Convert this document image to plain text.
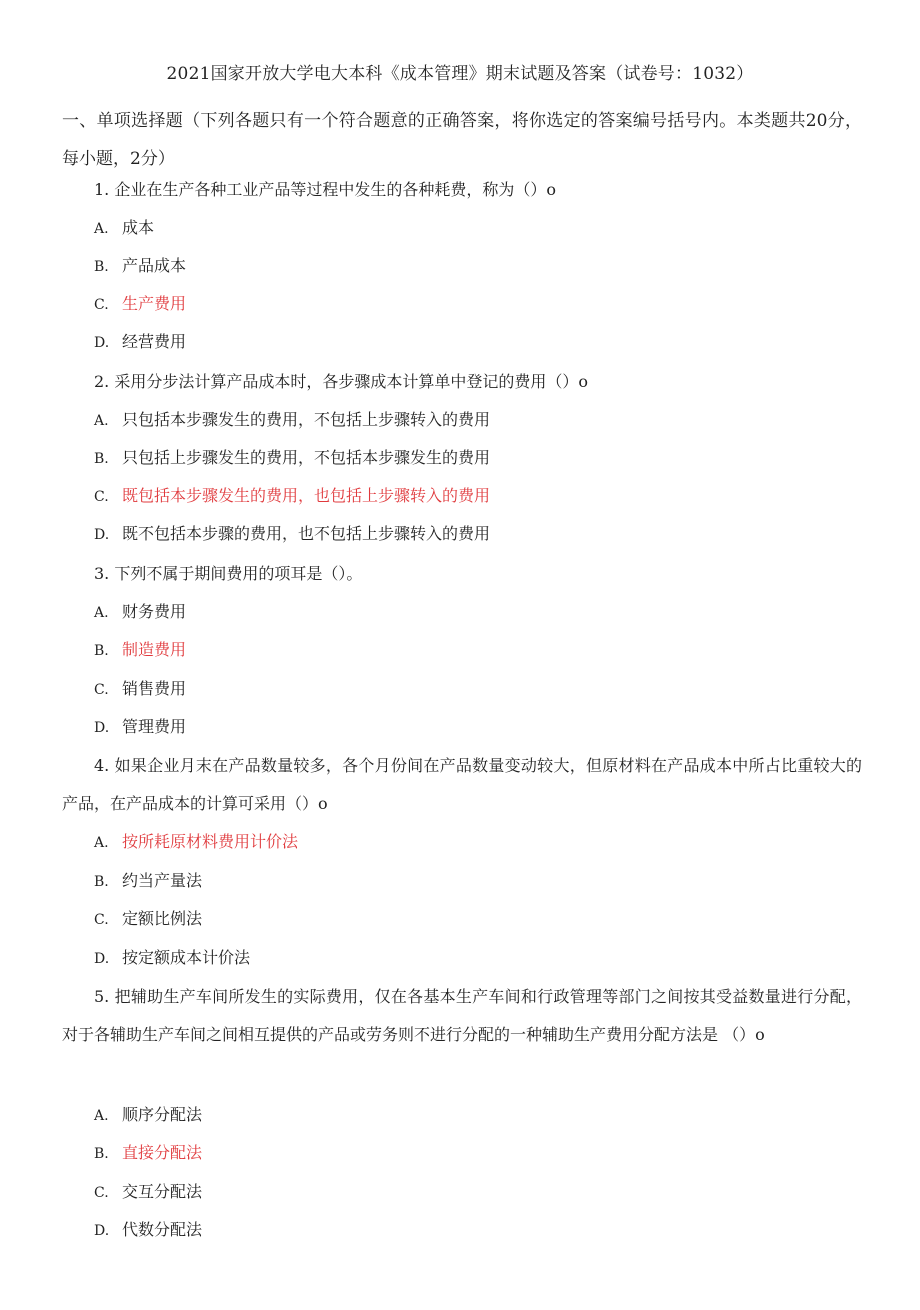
2021国家开放大学电大本科《成本管理》期末试题及答案（试卷号：1032）
一、单项选择题（下列各题只有一个符合题意的正确答案，将你选定的答案编号括号内。本类题共20分，每小题，2分）
1. 企业在生产各种工业产品等过程中发生的各种耗费，称为（）o
A. 成本
B. 产品成本
C. 生产费用
D. 经营费用
2. 采用分步法计算产品成本时，各步骤成本计算单中登记的费用（）o
A. 只包括本步骤发生的费用，不包括上步骤转入的费用
B. 只包括上步骤发生的费用，不包括本步骤发生的费用
C. 既包括本步骤发生的费用，也包括上步骤转入的费用
D. 既不包括本步骤的费用，也不包括上步骤转入的费用
3. 下列不属于期间费用的项耳是（）。
A. 财务费用
B. 制造费用
C. 销售费用
D. 管理费用
4. 如果企业月末在产品数量较多，各个月份间在产品数量变动较大，但原材料在产品成本中所占比重较大的产品，在产品成本的计算可采用（）o
A. 按所耗原材料费用计价法
B. 约当产量法
C. 定额比例法
D. 按定额成本计价法
5. 把辅助生产车间所发生的实际费用，仅在各基本生产车间和行政管理等部门之间按其受益数量进行分配，对于各辅助生产车间之间相互提供的产品或劳务则不进行分配的一种辅助生产费用分配方法是 （）o
A. 顺序分配法
B. 直接分配法
C. 交互分配法
D. 代数分配法
